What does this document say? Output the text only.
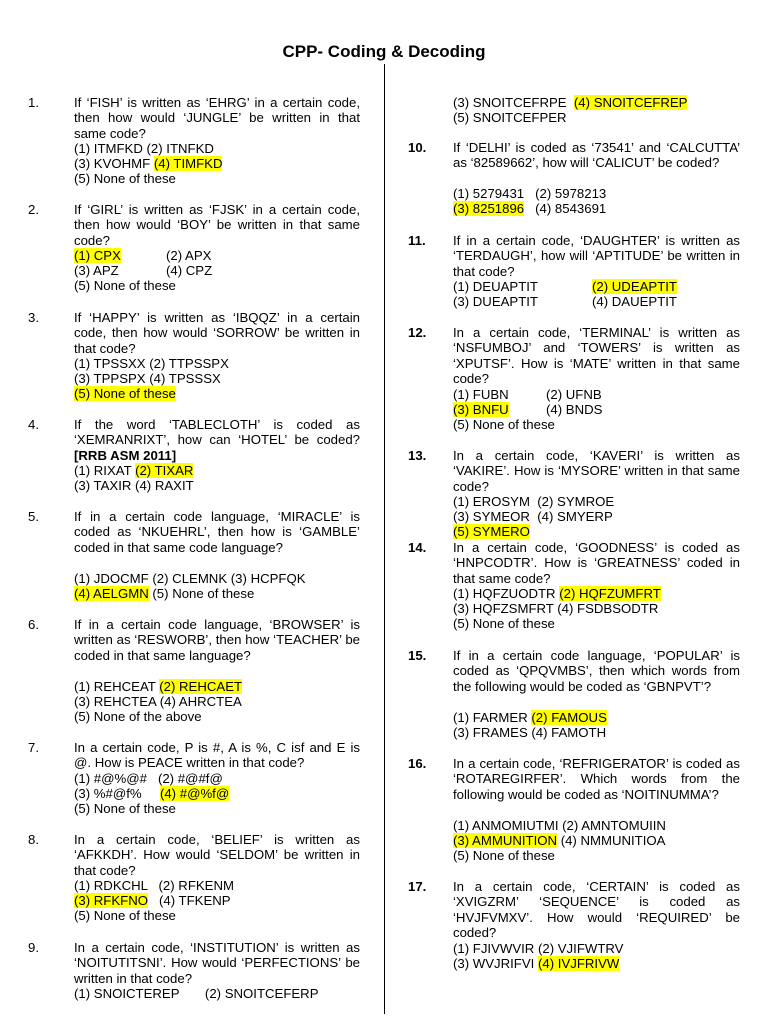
CPP- Coding & Decoding
1.	If ‘FISH’ is written as ‘EHRG’ in a certain code, then how would ‘JUNGLE’ be written in that same code?
(1) ITMFKD (2) ITNFKD
(3) KVOHMF (4) TIMFKD
(5) None of these
2.	If ‘GIRL’ is written as ‘FJSK’ in a certain code, then how would ‘BOY’ be written in that same code?
(1) CPX	(2) APX
(3) APZ	(4) CPZ
(5) None of these
3.	If ‘HAPPY’ is written as ‘IBQQZ’ in a certain code, then how would ‘SORROW’ be written in that code?
(1) TPSSXX (2) TTPSSPX
(3) TPPSPX (4) TPSSSX
(5) None of these
4.	If the word ‘TABLECLOTH’ is coded as ‘XEMRANRIXT’, how can ‘HOTEL’ be coded? [RRB ASM 2011]
(1) RIXAT (2) TIXAR
(3) TAXIR (4) RAXIT
5.	If in a certain code language, ‘MIRACLE’ is coded as ‘NKUEHRL’, then how is ‘GAMBLE’ coded in that same code language?
(1) JDOCMF (2) CLEMNK (3) HCPFQK
(4) AELGMN (5) None of these
6.	If in a certain code language, ‘BROWSER’ is written as ‘RESWORB’, then how ‘TEACHER’ be coded in that same language?
(1) REHCEAT (2) REHCAET
(3) REHCTEA (4) AHRCTEA
(5) None of the above
7.	In a certain code, P is #, A is %, C isf and E is @. How is PEACE written in that code?
(1) #@%@#   (2) #@#f@
(3) %#@f%     (4) #@%f@
(5) None of these
8.	In a certain code, ‘BELIEF’ is written as ‘AFKKDH’. How would ‘SELDOM’ be written in that code?
(1) RDKCHL   (2) RFKENM
(3) RFKFNO   (4) TFKENP
(5) None of these
9.	In a certain code, ‘INSTITUTION’ is written as ‘NOITUTITSNI’. How would ‘PERFECTIONS’ be written in that code?
(1) SNOICTEREP       (2) SNOITCEFERP
(3) SNOITCEFRPE  (4) SNOITCEFREP
(5) SNOITCEFPER
10. If ‘DELHI’ is coded as ‘73541’ and ‘CALCUTTA’ as ‘82589662’, how will ‘CALICUT’ be coded?
(1) 5279431   (2) 5978213
(3) 8251896   (4) 8543691
11. If in a certain code, ‘DAUGHTER’ is written as ‘TERDAUGH’, how will ‘APTITUDE’ be written in that code?
(1) DEUAPTIT	(2) UDEAPTIT
(3) DUEAPTIT	(4) DAUEPTIT
12. In a certain code, ‘TERMINAL’ is written as ‘NSFUMBOJ’ and ‘TOWERS’ is written as ‘XPUTSF’. How is ‘MATE’ written in that same code?
(1) FUBN	(2) UFNB
(3) BNFU	(4) BNDS
(5) None of these
13. In a certain code, ‘KAVERI’ is written as ‘VAKIRE’. How is ‘MYSORE’ written in that same code?
(1) EROSYM  (2) SYMROE
(3) SYMEOR  (4) SMYERP
(5) SYMERO
14. In a certain code, ‘GOODNESS’ is coded as ‘HNPCODTR’. How is ‘GREATNESS’ coded in that same code?
(1) HQFZUODTR (2) HQFZUMFRT
(3) HQFZSMFRT (4) FSDBSODTR
(5) None of these
15. If in a certain code language, ‘POPULAR’ is coded as ‘QPQVMBS’, then which words from the following would be coded as ‘GBNPVT’?
(1) FARMER (2) FAMOUS
(3) FRAMES (4) FAMOTH
16. In a certain code, ‘REFRIGERATOR’ is coded as ‘ROTAREGIRFER’. Which words from the following would be coded as ‘NOITINUMMA’?
(1) ANMOMIUTMI (2) AMNTOMUIIN
(3) AMMUNITION (4) NMMUNITIOA
(5) None of these
17. In a certain code, ‘CERTAIN’ is coded as ‘XVIGZRM’ ‘SEQUENCE’ is coded as ‘HVJFVMXV’. How would ‘REQUIRED’ be coded?
(1) FJIVWVIR (2) VJIFWTRV
(3) WVJRIFVI (4) IVJFRIVW
